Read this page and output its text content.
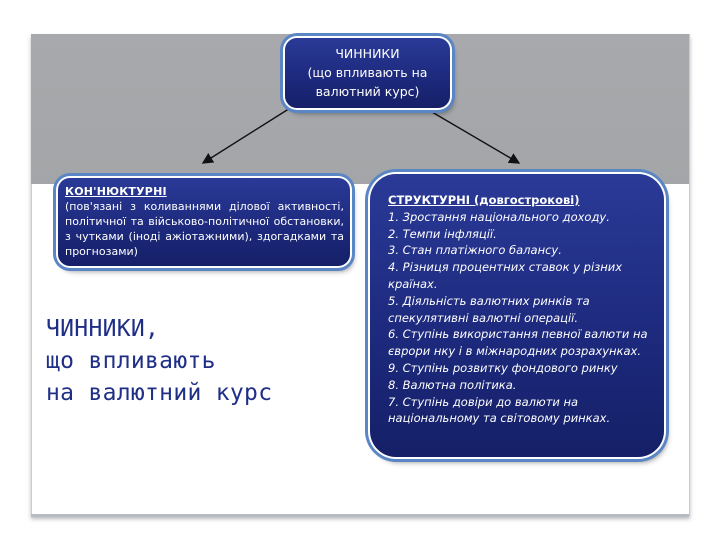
ЧИННИКИ
(що впливають на
валютний курс)
КОН'НЮКТУРНІ
(пов'язані з коливаннями ділової активності, політичної та військово-політичної обстановки, з чутками (іноді ажіотажними), здогадками та прогнозами)
ЧИННИКИ,
що впливають
на валютний курс
СТРУКТУРНІ (довгострокові)
1. Зростання національного доходу.
2. Темпи інфляції.
3. Стан платіжного балансу.
4. Різниця процентних ставок у різних країнах.
5. Діяльність валютних ринків та спекулятивні валютні операції.
6. Ступінь використання певної валюти на єврори нку і в міжнародних розрахунках.
9. Ступінь розвитку фондового ринку
8. Валютна політика.
7. Ступінь довіри до валюти на національному та світовому ринках.
